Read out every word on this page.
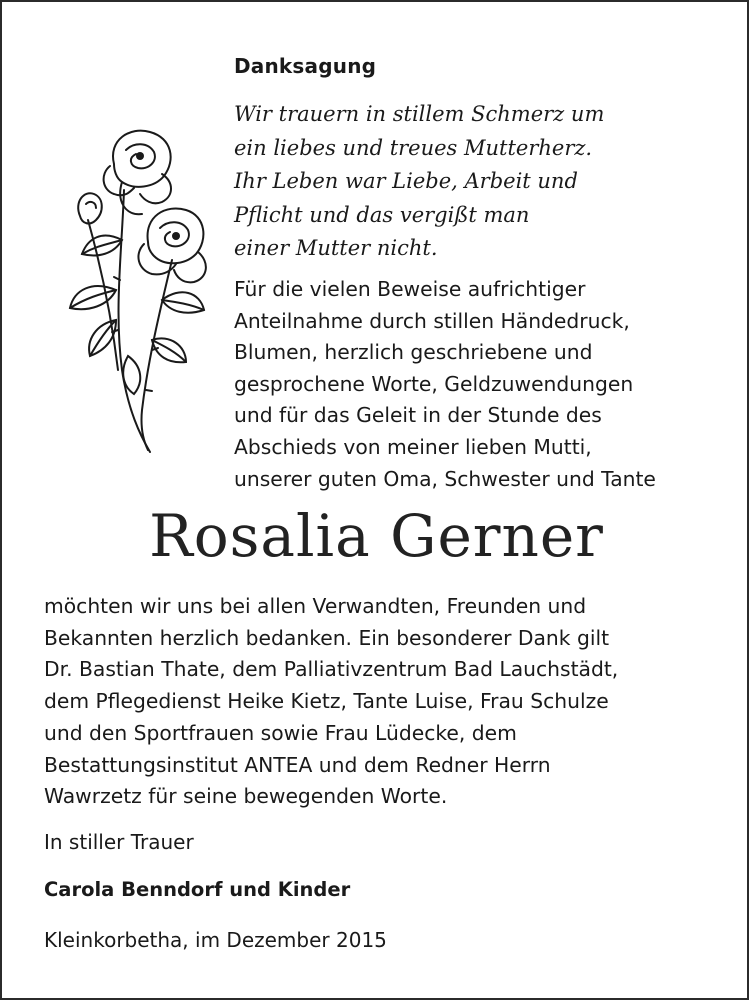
Danksagung
Wir trauern in stillem Schmerz um
ein liebes und treues Mutterherz.
Ihr Leben war Liebe, Arbeit und
Pflicht und das vergißt man
einer Mutter nicht.
Für die vielen Beweise aufrichtiger
Anteilnahme durch stillen Händedruck,
Blumen, herzlich geschriebene und
gesprochene Worte, Geldzuwendungen
und für das Geleit in der Stunde des
Abschieds von meiner lieben Mutti,
unserer guten Oma, Schwester und Tante
Rosalia Gerner
möchten wir uns bei allen Verwandten, Freunden und
Bekannten herzlich bedanken. Ein besonderer Dank gilt
Dr. Bastian Thate, dem Palliativzentrum Bad Lauchstädt,
dem Pflegedienst Heike Kietz, Tante Luise, Frau Schulze
und den Sportfrauen sowie Frau Lüdecke, dem
Bestattungsinstitut ANTEA und dem Redner Herrn
Wawrzetz für seine bewegenden Worte.
In stiller Trauer
Carola Benndorf und Kinder
Kleinkorbetha, im Dezember 2015
